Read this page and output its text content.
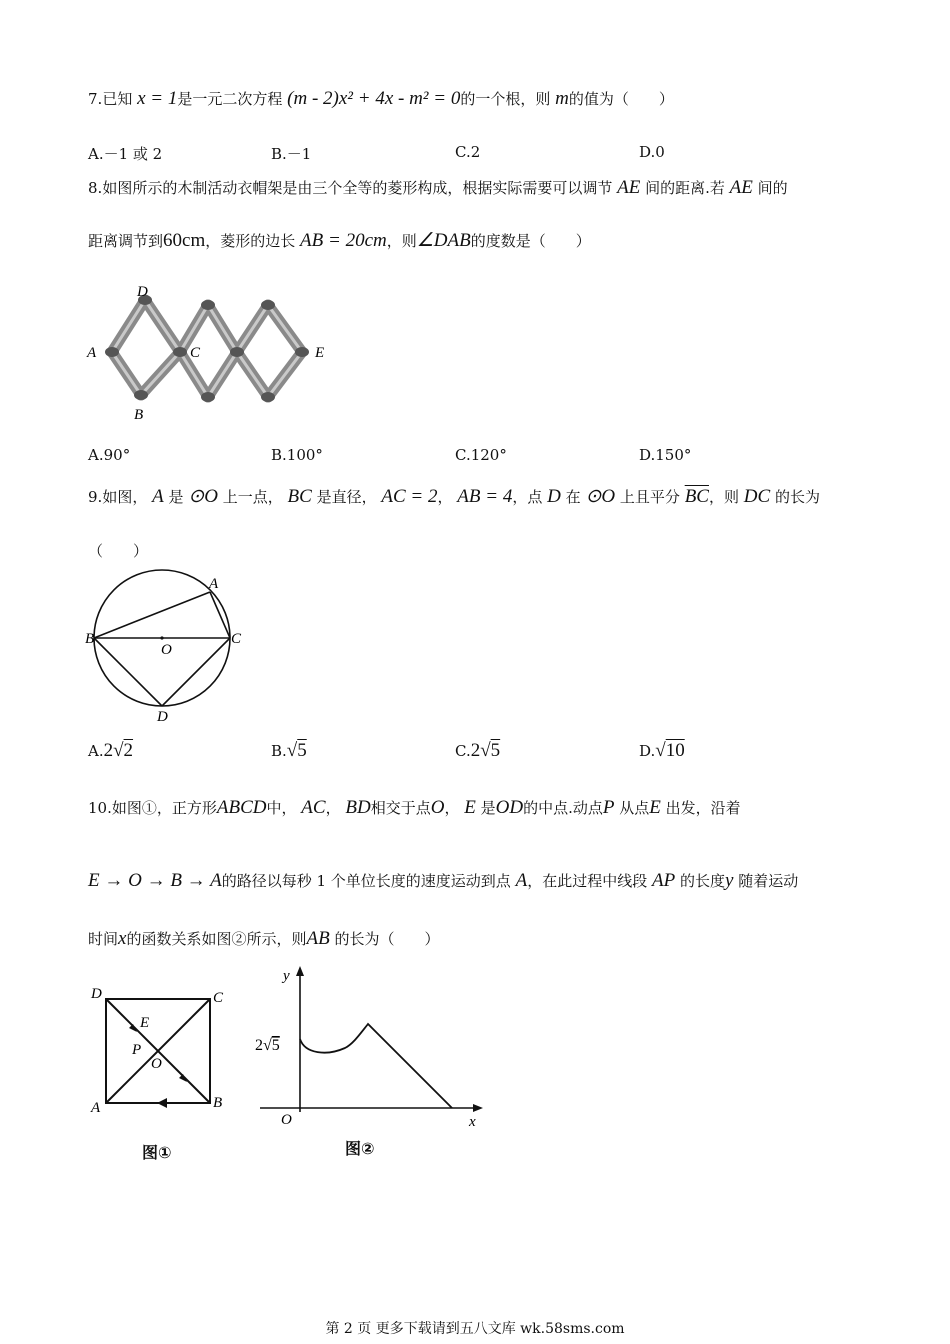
7.已知 x = 1是一元二次方程 (m - 2)x² + 4x - m² = 0的一个根，则 m的值为（　　）
A.－1 或 2	B.－1	C.2	D.0
8.如图所示的木制活动衣帽架是由三个全等的菱形构成，根据实际需要可以调节 AE 间的距离.若 AE 间的
距离调节到60cm，菱形的边长 AB = 20cm，则∠DAB的度数是（　　）
A
D
B
C	E
A.90°	B.100°	C.120°	D.150°
9.如图， A 是 ⊙O 上一点， BC 是直径， AC = 2， AB = 4，点 D 在 ⊙O 上且平分 $\overline{BC}$，则 DC 的长为
（　　）
A
B	C
D
O
A.2√2	B.√5	C.2√5	D.√10
10.如图①，正方形ABCD中， AC， BD相交于点O， E 是OD的中点.动点P 从点E 出发，沿着
E → O → B → A的路径以每秒 1 个单位长度的速度运动到点 A，在此过程中线段 AP 的长度y 随着运动
时间x的函数关系如图②所示，则AB 的长为（　　）
D	C
E
P
O
A	B
图①
y
O	x
2√5
图②
第 2 页 更多下载请到五八文库 wk.58sms.com
